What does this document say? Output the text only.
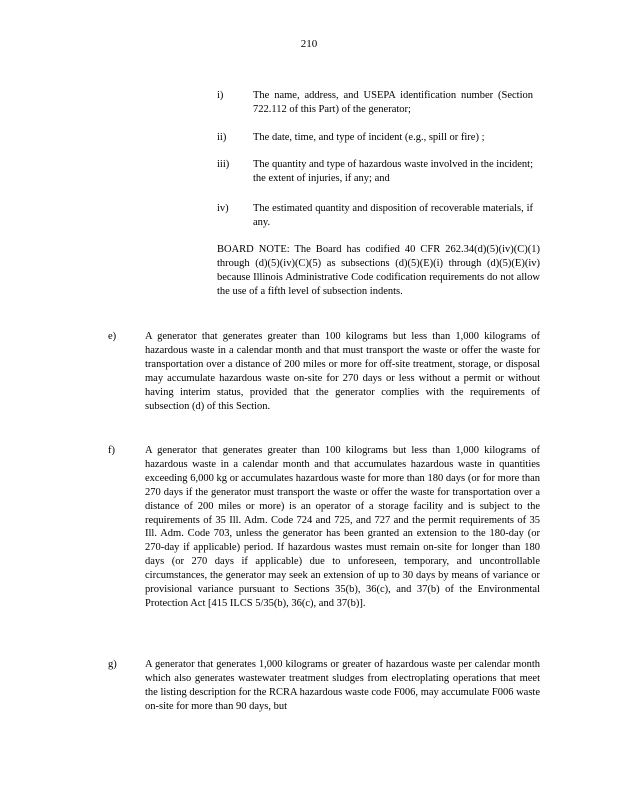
210
i)	The name, address, and USEPA identification number (Section 722.112 of this Part) of the generator;
ii)	The date, time, and type of incident (e.g., spill or fire) ;
iii) The quantity and type of hazardous waste involved in the incident; the extent of injuries, if any; and
iv) The estimated quantity and disposition of recoverable materials, if any.
BOARD NOTE: The Board has codified 40 CFR 262.34(d)(5)(iv)(C)(1) through (d)(5)(iv)(C)(5) as subsections (d)(5)(E)(i) through (d)(5)(E)(iv) because Illinois Administrative Code codification requirements do not allow the use of a fifth level of subsection indents.
e)	A generator that generates greater than 100 kilograms but less than 1,000 kilograms of hazardous waste in a calendar month and that must transport the waste or offer the waste for transportation over a distance of 200 miles or more for off-site treatment, storage, or disposal may accumulate hazardous waste on-site for 270 days or less without a permit or without having interim status, provided that the generator complies with the requirements of subsection (d) of this Section.
f)	A generator that generates greater than 100 kilograms but less than 1,000 kilograms of hazardous waste in a calendar month and that accumulates hazardous waste in quantities exceeding 6,000 kg or accumulates hazardous waste for more than 180 days (or for more than 270 days if the generator must transport the waste or offer the waste for transportation over a distance of 200 miles or more) is an operator of a storage facility and is subject to the requirements of 35 Ill. Adm. Code 724 and 725, and 727 and the permit requirements of 35 Ill. Adm. Code 703, unless the generator has been granted an extension to the 180-day (or 270-day if applicable) period. If hazardous wastes must remain on-site for longer than 180 days (or 270 days if applicable) due to unforeseen, temporary, and uncontrollable circumstances, the generator may seek an extension of up to 30 days by means of variance or provisional variance pursuant to Sections 35(b), 36(c), and 37(b) of the Environmental Protection Act [415 ILCS 5/35(b), 36(c), and 37(b)].
g)	A generator that generates 1,000 kilograms or greater of hazardous waste per calendar month which also generates wastewater treatment sludges from electroplating operations that meet the listing description for the RCRA hazardous waste code F006, may accumulate F006 waste on-site for more than 90 days, but
